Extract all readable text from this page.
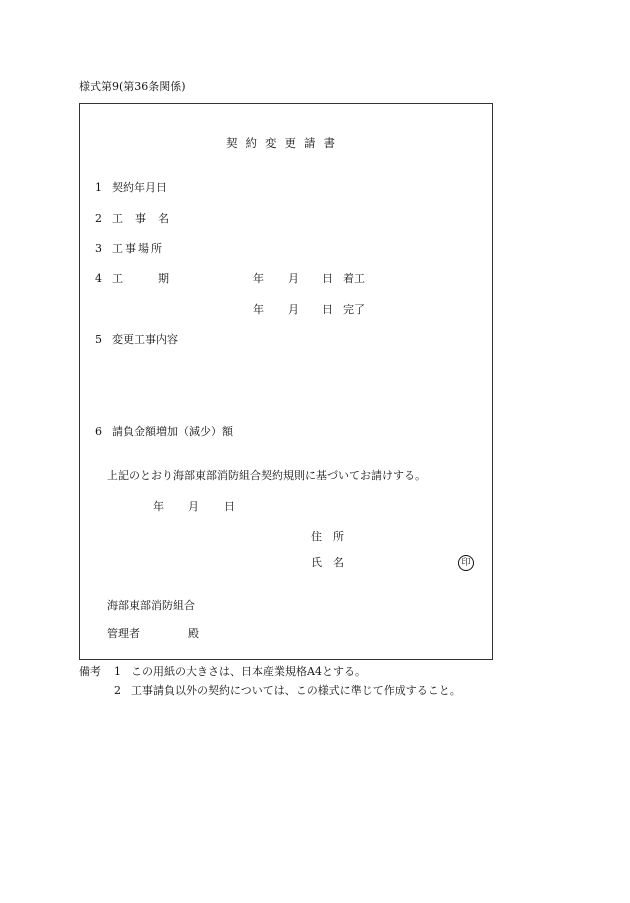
様式第9(第36条関係)
契約変更請書
1 契約年月日
2 工 事 名
3 工事場所
4 工	期	年 月 日 着工
年 月 日 完了
5 変更工事内容
6 請負金額増加（減少）額
上記のとおり海部東部消防組合契約規則に基づいてお請けする。
年 月 日
住　所
氏　名	印
海部東部消防組合
管理者	殿
備考 1 この用紙の大きさは、日本産業規格A4とする。
2 工事請負以外の契約については、この様式に準じて作成すること。
